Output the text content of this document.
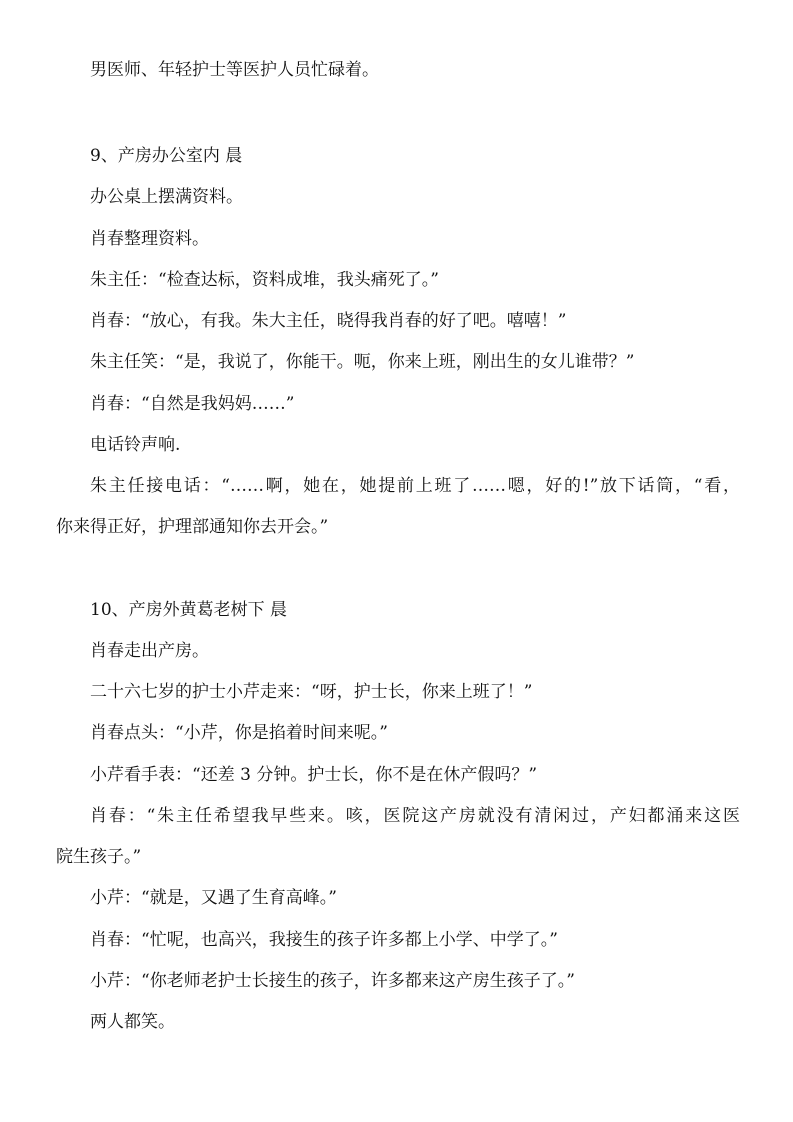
男医师、年轻护士等医护人员忙碌着。
9、产房办公室内 晨
办公桌上摆满资料。
肖春整理资料。
朱主任：“检查达标，资料成堆，我头痛死了。”
肖春：“放心，有我。朱大主任，晓得我肖春的好了吧。嘻嘻！”
朱主任笑：“是，我说了，你能干。呃，你来上班，刚出生的女儿谁带？”
肖春：“自然是我妈妈……”
电话铃声响.
朱主任接电话：“……啊，她在，她提前上班了……嗯，好的!”放下话筒，“看，
你来得正好，护理部通知你去开会。”
10、产房外黄葛老树下 晨
肖春走出产房。
二十六七岁的护士小芹走来：“呀，护士长，你来上班了！”
肖春点头：“小芹，你是掐着时间来呢。”
小芹看手表：“还差 3 分钟。护士长，你不是在休产假吗？”
肖春：“朱主任希望我早些来。咳，医院这产房就没有清闲过，产妇都涌来这医
院生孩子。”
小芹：“就是，又遇了生育高峰。”
肖春：“忙呢，也高兴，我接生的孩子许多都上小学、中学了。”
小芹：“你老师老护士长接生的孩子，许多都来这产房生孩子了。”
两人都笑。
